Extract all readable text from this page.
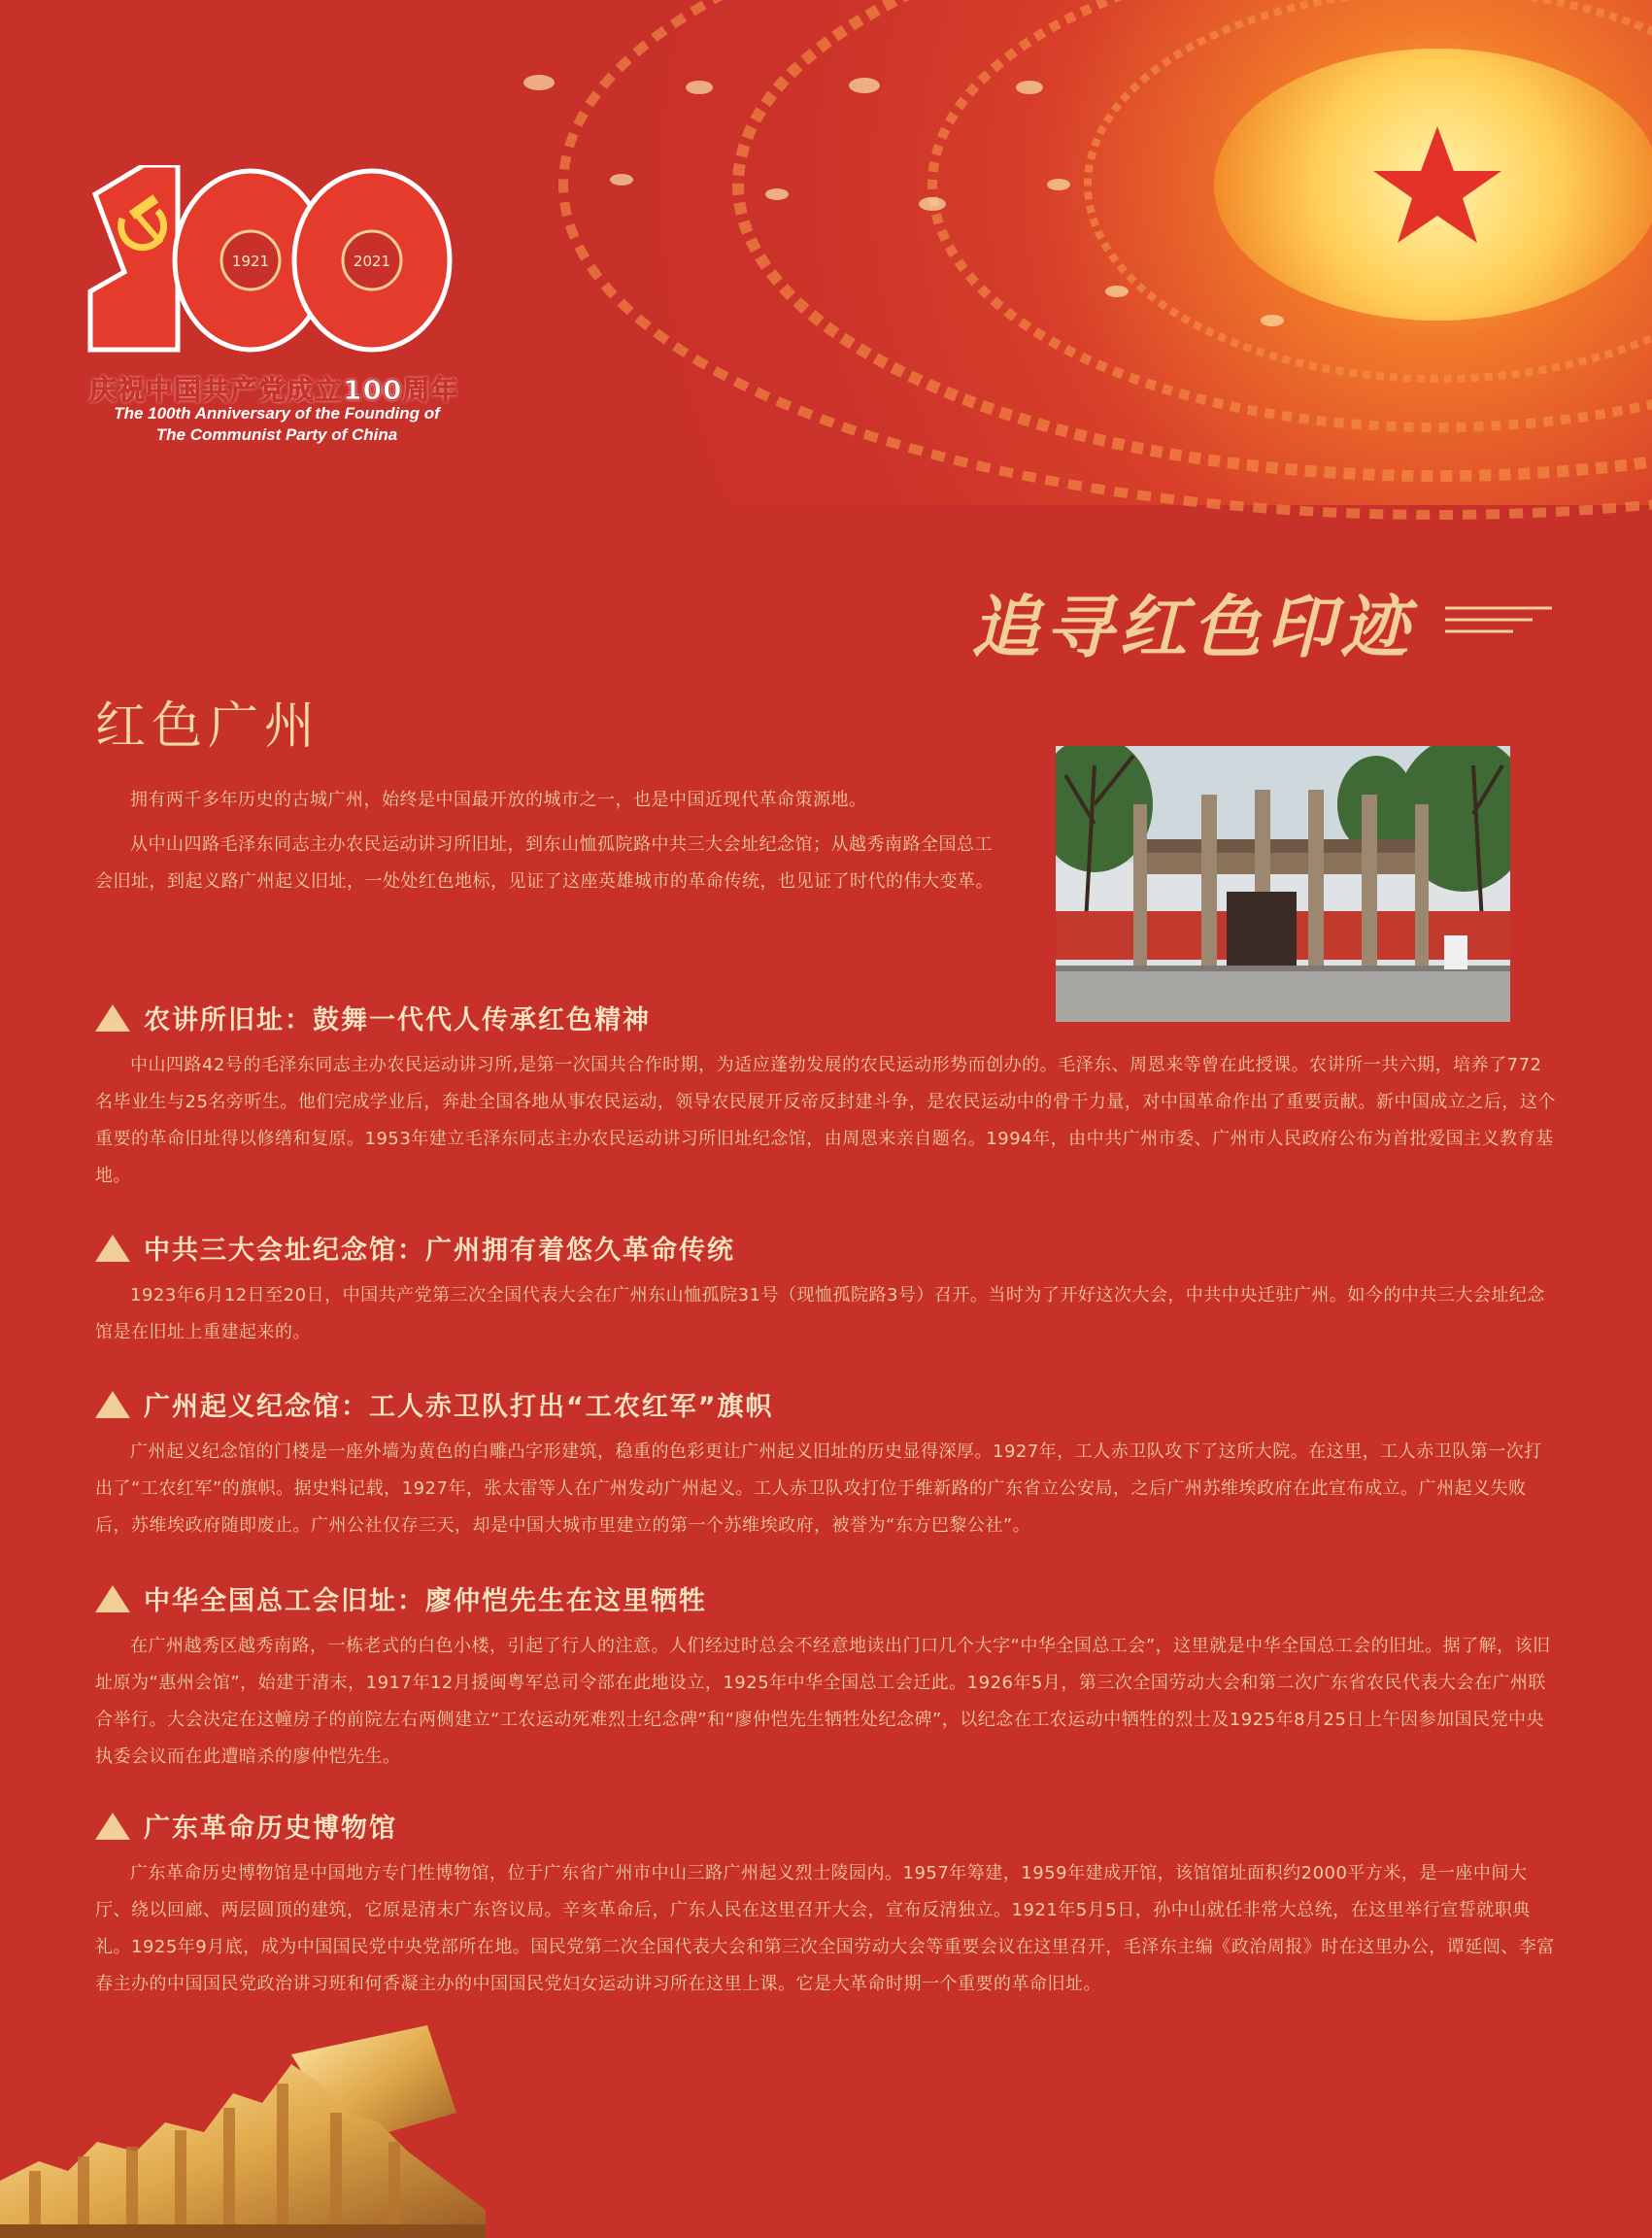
1921	2021
庆祝中国共产党成立100周年
The 100th Anniversary of the Founding of
The Communist Party of China
追寻红色印迹
红色广州

拥有两千多年历史的古城广州，始终是中国最开放的城市之一，也是中国近现代革命策源地。

从中山四路毛泽东同志主办农民运动讲习所旧址，到东山恤孤院路中共三大会址纪念馆；从越秀南路全国总工会旧址，到起义路广州起义旧址，一处处红色地标，见证了这座英雄城市的革命传统，也见证了时代的伟大变革。

农讲所旧址：鼓舞一代代人传承红色精神

中山四路42号的毛泽东同志主办农民运动讲习所,是第一次国共合作时期，为适应蓬勃发展的农民运动形势而创办的。毛泽东、周恩来等曾在此授课。农讲所一共六期，培养了772名毕业生与25名旁听生。他们完成学业后，奔赴全国各地从事农民运动，领导农民展开反帝反封建斗争，是农民运动中的骨干力量，对中国革命作出了重要贡献。新中国成立之后，这个重要的革命旧址得以修缮和复原。1953年建立毛泽东同志主办农民运动讲习所旧址纪念馆，由周恩来亲自题名。1994年，由中共广州市委、广州市人民政府公布为首批爱国主义教育基地。

中共三大会址纪念馆：广州拥有着悠久革命传统

1923年6月12日至20日，中国共产党第三次全国代表大会在广州东山恤孤院31号（现恤孤院路3号）召开。当时为了开好这次大会，中共中央迁驻广州。如今的中共三大会址纪念馆是在旧址上重建起来的。

广州起义纪念馆：工人赤卫队打出“工农红军”旗帜

广州起义纪念馆的门楼是一座外墙为黄色的白雕凸字形建筑，稳重的色彩更让广州起义旧址的历史显得深厚。1927年，工人赤卫队攻下了这所大院。在这里，工人赤卫队第一次打出了“工农红军”的旗帜。据史料记载，1927年，张太雷等人在广州发动广州起义。工人赤卫队攻打位于维新路的广东省立公安局，之后广州苏维埃政府在此宣布成立。广州起义失败后，苏维埃政府随即废止。广州公社仅存三天，却是中国大城市里建立的第一个苏维埃政府，被誉为“东方巴黎公社”。

中华全国总工会旧址：廖仲恺先生在这里牺牲

在广州越秀区越秀南路，一栋老式的白色小楼，引起了行人的注意。人们经过时总会不经意地读出门口几个大字“中华全国总工会”，这里就是中华全国总工会的旧址。据了解，该旧址原为“惠州会馆”，始建于清末，1917年12月援闽粤军总司令部在此地设立，1925年中华全国总工会迁此。1926年5月，第三次全国劳动大会和第二次广东省农民代表大会在广州联合举行。大会决定在这幢房子的前院左右两侧建立“工农运动死难烈士纪念碑”和“廖仲恺先生牺牲处纪念碑”，以纪念在工农运动中牺牲的烈士及1925年8月25日上午因参加国民党中央执委会议而在此遭暗杀的廖仲恺先生。

广东革命历史博物馆

广东革命历史博物馆是中国地方专门性博物馆，位于广东省广州市中山三路广州起义烈士陵园内。1957年筹建，1959年建成开馆，该馆馆址面积约2000平方米，是一座中间大厅、绕以回廊、两层圆顶的建筑，它原是清末广东咨议局。辛亥革命后，广东人民在这里召开大会，宣布反清独立。1921年5月5日，孙中山就任非常大总统，在这里举行宣誓就职典礼。1925年9月底，成为中国国民党中央党部所在地。国民党第二次全国代表大会和第三次全国劳动大会等重要会议在这里召开，毛泽东主编《政治周报》时在这里办公，谭延闿、李富春主办的中国国民党政治讲习班和何香凝主办的中国国民党妇女运动讲习所在这里上课。它是大革命时期一个重要的革命旧址。
